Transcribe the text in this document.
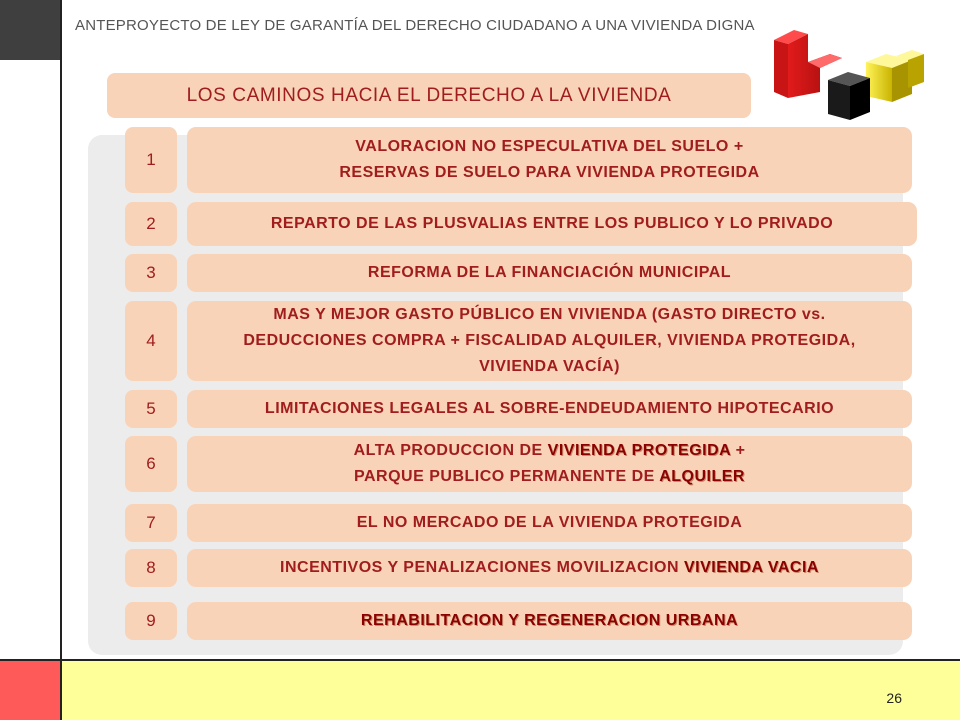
26
ANTEPROYECTO DE LEY DE GARANTÍA DEL DERECHO CIUDADANO A UNA VIVIENDA DIGNA
LOS CAMINOS HACIA EL DERECHO A LA VIVIENDA
1
VALORACION NO ESPECULATIVA DEL SUELO +
RESERVAS DE SUELO PARA VIVIENDA PROTEGIDA
2	REPARTO DE LAS PLUSVALIAS ENTRE LOS PUBLICO Y LO PRIVADO
3	REFORMA DE LA FINANCIACIÓN MUNICIPAL
4
MAS Y MEJOR GASTO PÚBLICO EN VIVIENDA (GASTO DIRECTO vs. DEDUCCIONES COMPRA + FISCALIDAD ALQUILER, VIVIENDA PROTEGIDA, VIVIENDA VACÍA)
5	LIMITACIONES LEGALES AL SOBRE-ENDEUDAMIENTO HIPOTECARIO
6
ALTA PRODUCCION DE VIVIENDA PROTEGIDA +
PARQUE PUBLICO PERMANENTE DE ALQUILER
7	EL NO MERCADO DE LA VIVIENDA PROTEGIDA
8	INCENTIVOS Y PENALIZACIONES MOVILIZACION VIVIENDA VACIA
9	REHABILITACION Y REGENERACION URBANA
